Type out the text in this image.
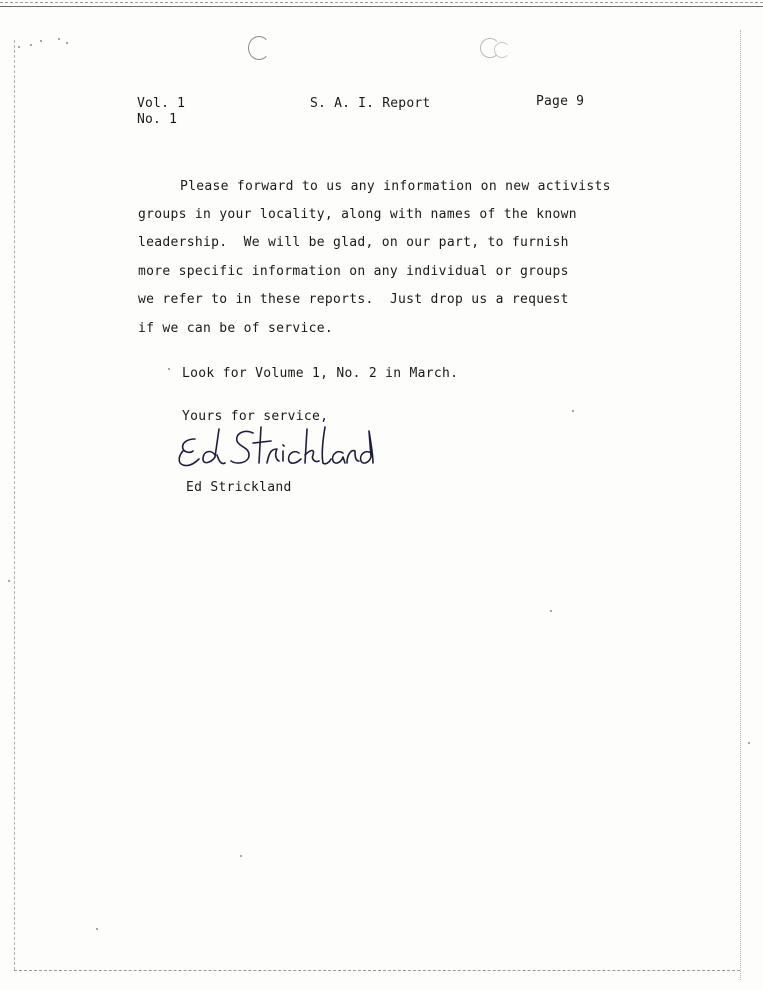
Vol. 1
No. 1
S. A. I. Report	Page 9
Please forward to us any information on new activists
groups in your locality, along with names of the known
leadership.  We will be glad, on our part, to furnish
more specific information on any individual or groups
we refer to in these reports.  Just drop us a request
if we can be of service.
Look for Volume 1, No. 2 in March.
Yours for service,
Ed Strickland
